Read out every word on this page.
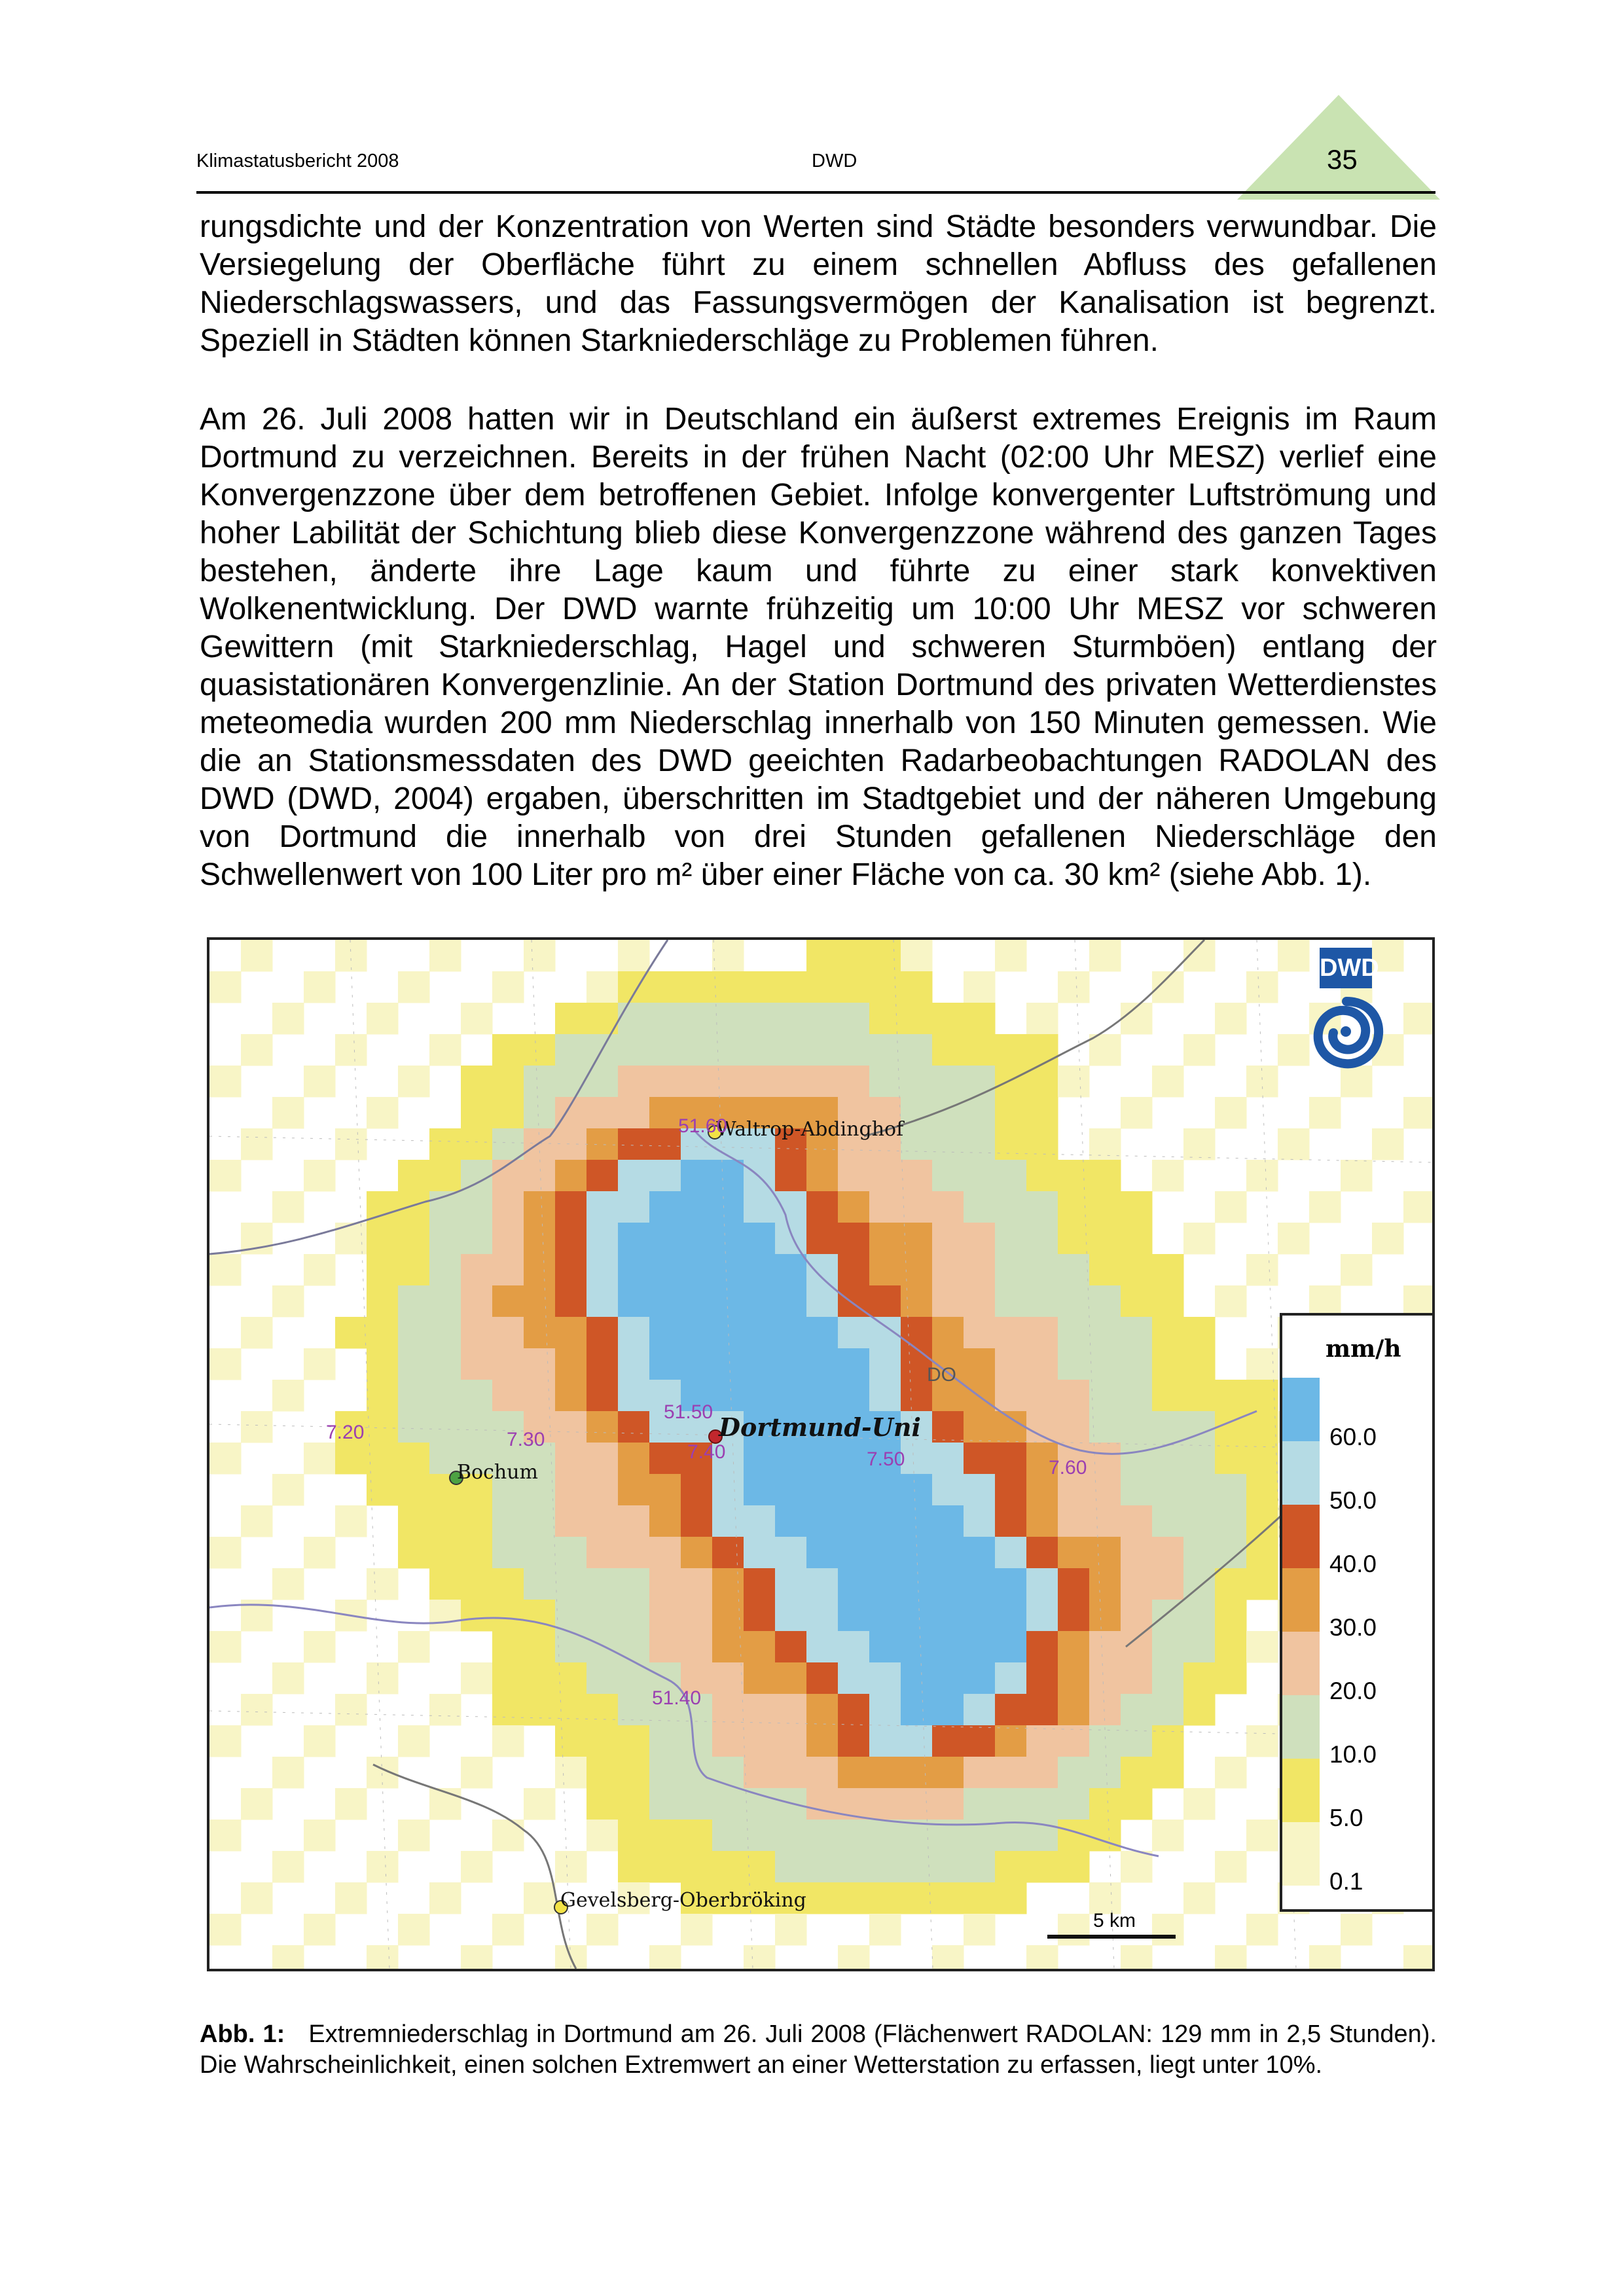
Klimastatusbericht 2008	DWD	35
rungsdichte und der Konzentration von Werten sind Städte besonders verwundbar. Die Versiegelung der Oberfläche führt zu einem schnellen Abfluss des gefallenen Niederschlagswassers, und das Fassungsvermögen der Kanalisation ist begrenzt. Speziell in Städten können Starkniederschläge zu Problemen führen.
Am 26. Juli 2008 hatten wir in Deutschland ein äußerst extremes Ereignis im Raum Dortmund zu verzeichnen. Bereits in der frühen Nacht (02:00 Uhr MESZ) verlief eine Konvergenzzone über dem betroffenen Gebiet. Infolge konvergenter Luftströmung und hoher Labilität der Schichtung blieb diese Konvergenzzone während des ganzen Tages bestehen, änderte ihre Lage kaum und führte zu einer stark konvektiven Wolkenentwicklung. Der DWD warnte frühzeitig um 10:00 Uhr MESZ vor schweren Gewittern (mit Starkniederschlag, Hagel und schweren Sturmböen) entlang der quasistationären Konvergenzlinie. An der Station Dortmund des privaten Wetterdienstes meteomedia wurden 200 mm Niederschlag innerhalb von 150 Minuten gemessen. Wie die an Stationsmessdaten des DWD geeichten Radarbeobachtungen RADOLAN des DWD (DWD, 2004) ergaben, überschritten im Stadtgebiet und der näheren Umgebung von Dortmund die innerhalb von drei Stunden gefallenen Niederschläge den Schwellenwert von 100 Liter pro m² über einer Fläche von ca. 30 km² (siehe Abb. 1).
DWD
mm/h
60.0
50.0
40.0
30.0
20.0
10.0
5.0
0.1
Waltrop-Abdinghof
Dortmund-Uni
Bochum
Gevelsberg-Oberbröking
DO
51.60
51.50
51.40
7.20	7.30
7.40	7.50	7.60
5 km
Abb. 1: Extremniederschlag in Dortmund am 26. Juli 2008 (Flächenwert RADOLAN: 129 mm in 2,5 Stunden). Die Wahrscheinlichkeit, einen solchen Extremwert an einer Wetterstation zu erfassen, liegt unter 10%.
